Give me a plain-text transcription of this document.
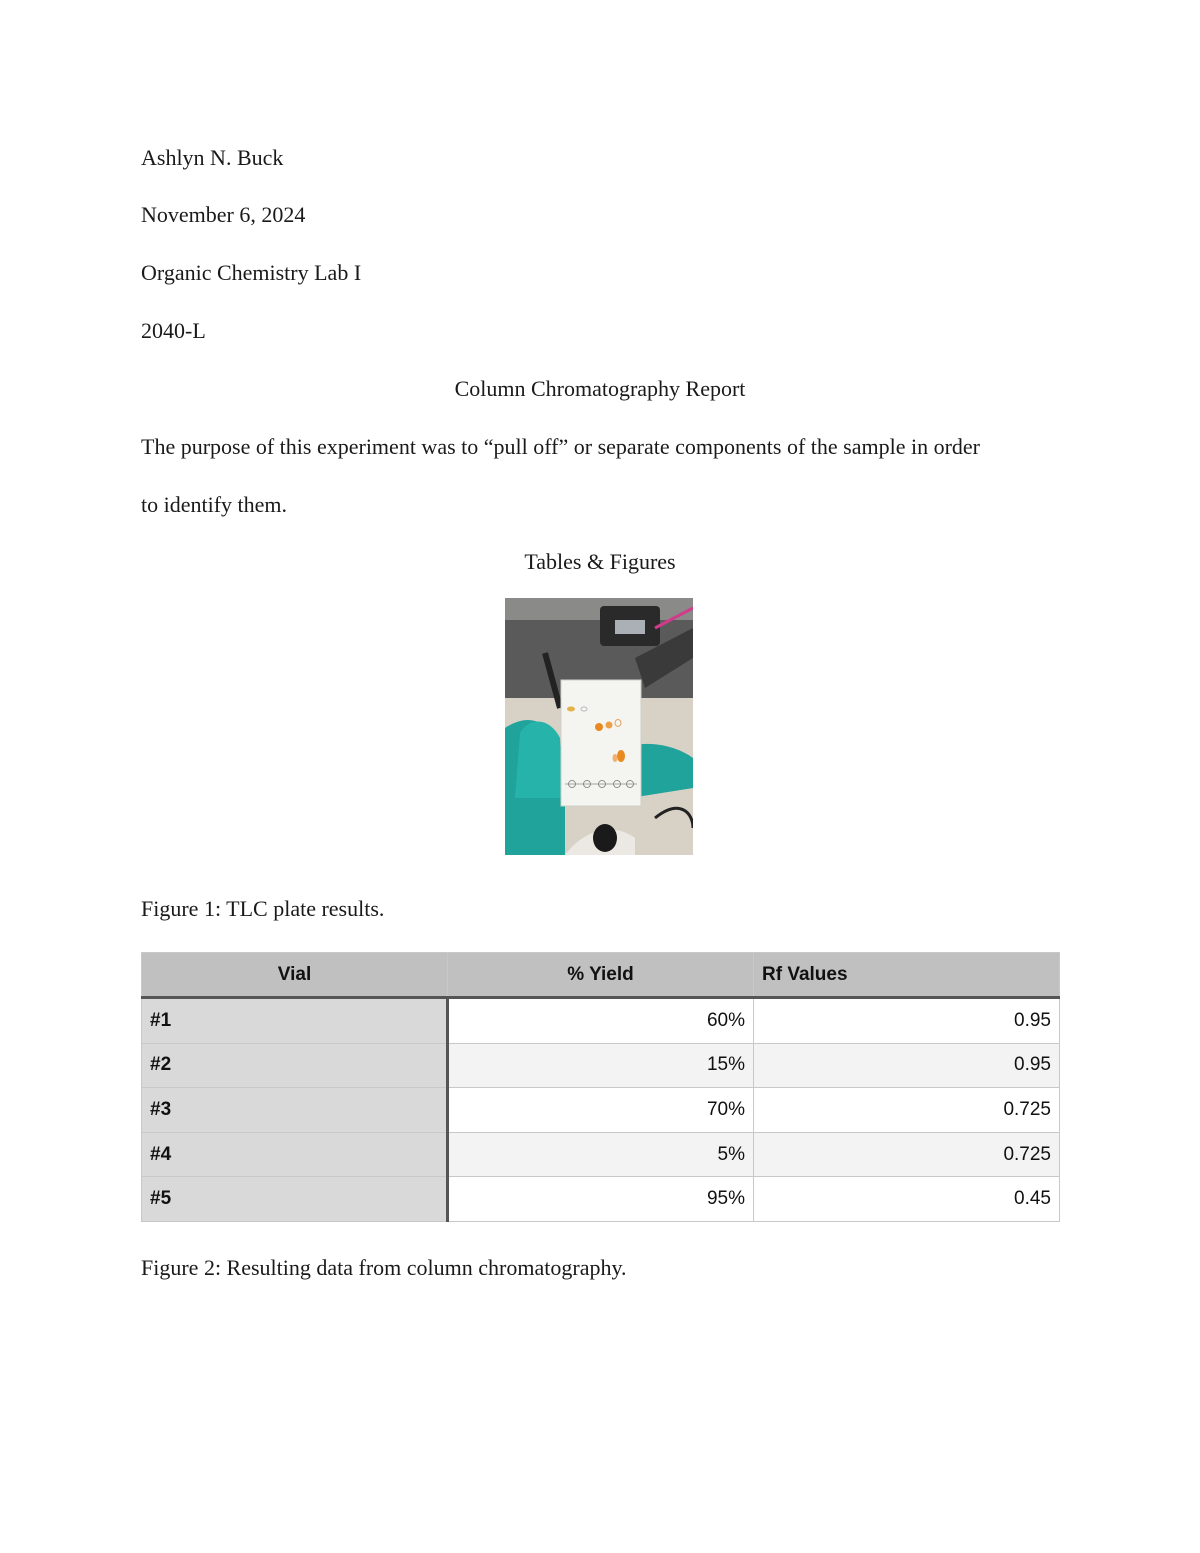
Ashlyn N. Buck
November 6, 2024
Organic Chemistry Lab I
2040-L
Column Chromatography Report
The purpose of this experiment was to “pull off” or separate components of the sample in order
to identify them.
Tables & Figures
Figure 1: TLC plate results.
Vial	% Yield	Rf Values
#1	60%	0.95
#2	15%	0.95
#3	70%	0.725
#4	5%	0.725
#5	95%	0.45
Figure 2: Resulting data from column chromatography.
